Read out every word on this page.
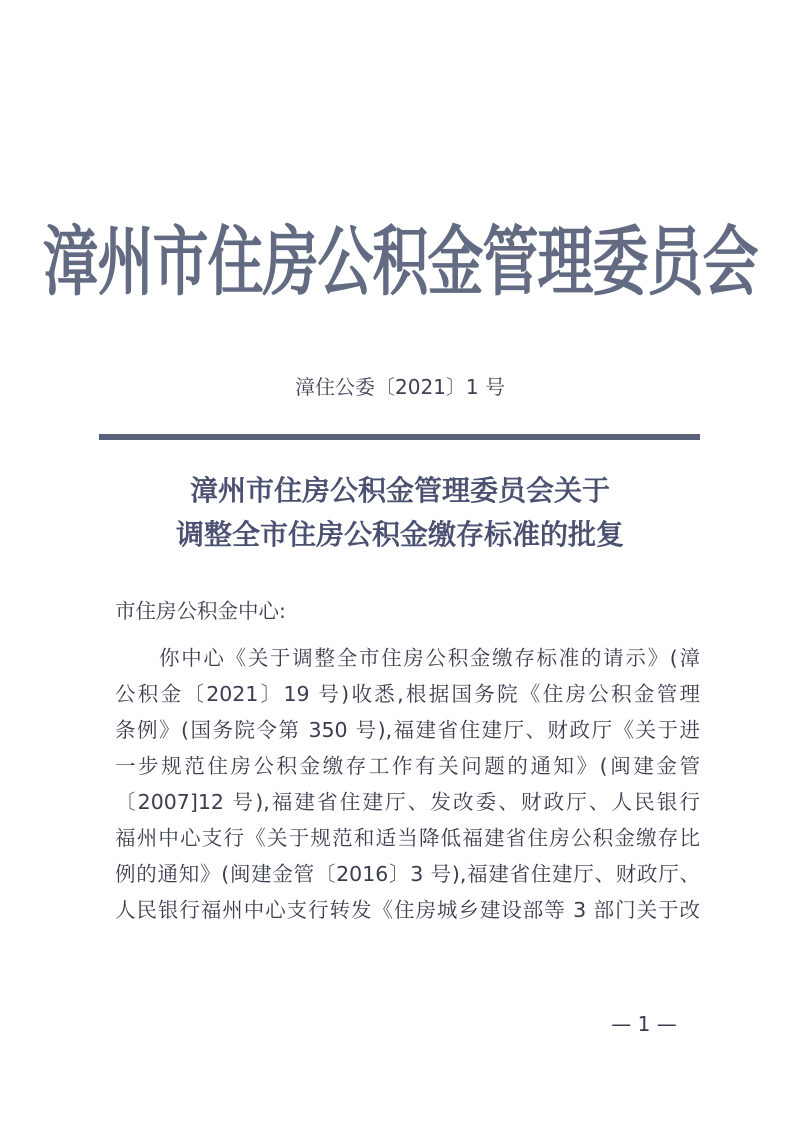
漳州市住房公积金管理委员会
漳住公委〔2021〕1 号
漳州市住房公积金管理委员会关于
调整全市住房公积金缴存标准的批复
市住房公积金中心:
你中心《关于调整全市住房公积金缴存标准的请示》(漳
公积金〔2021〕19 号)收悉,根据国务院《住房公积金管理
条例》(国务院令第 350 号),福建省住建厅、财政厅《关于进
一步规范住房公积金缴存工作有关问题的通知》(闽建金管
〔2007]12 号),福建省住建厅、发改委、财政厅、人民银行
福州中心支行《关于规范和适当降低福建省住房公积金缴存比
例的通知》(闽建金管〔2016〕3 号),福建省住建厅、财政厅、
人民银行福州中心支行转发《住房城乡建设部等 3 部门关于改
— 1 —
